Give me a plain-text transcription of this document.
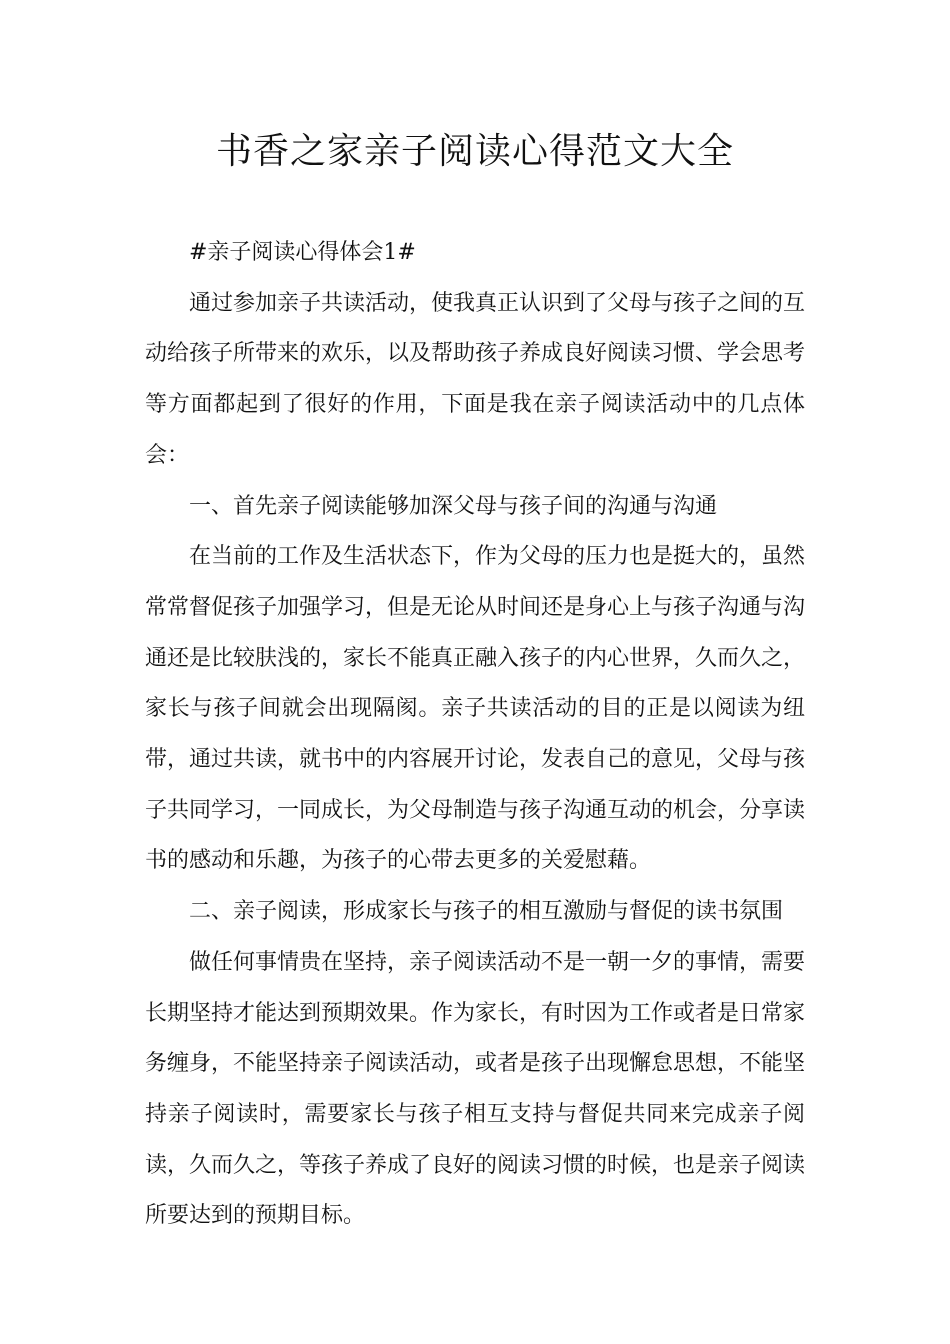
书香之家亲子阅读心得范文大全

#亲子阅读心得体会1#

通过参加亲子共读活动，使我真正认识到了父母与孩子之间的互动给孩子所带来的欢乐，以及帮助孩子养成良好阅读习惯、学会思考等方面都起到了很好的作用，下面是我在亲子阅读活动中的几点体会：

一、首先亲子阅读能够加深父母与孩子间的沟通与沟通

在当前的工作及生活状态下，作为父母的压力也是挺大的，虽然常常督促孩子加强学习，但是无论从时间还是身心上与孩子沟通与沟通还是比较肤浅的，家长不能真正融入孩子的内心世界，久而久之，家长与孩子间就会出现隔阂。亲子共读活动的目的正是以阅读为纽带，通过共读，就书中的内容展开讨论，发表自己的意见，父母与孩子共同学习，一同成长，为父母制造与孩子沟通互动的机会，分享读书的感动和乐趣，为孩子的心带去更多的关爱慰藉。

二、亲子阅读，形成家长与孩子的相互激励与督促的读书氛围

做任何事情贵在坚持，亲子阅读活动不是一朝一夕的事情，需要长期坚持才能达到预期效果。作为家长，有时因为工作或者是日常家务缠身，不能坚持亲子阅读活动，或者是孩子出现懈怠思想，不能坚持亲子阅读时，需要家长与孩子相互支持与督促共同来完成亲子阅读，久而久之，等孩子养成了良好的阅读习惯的时候，也是亲子阅读所要达到的预期目标。
